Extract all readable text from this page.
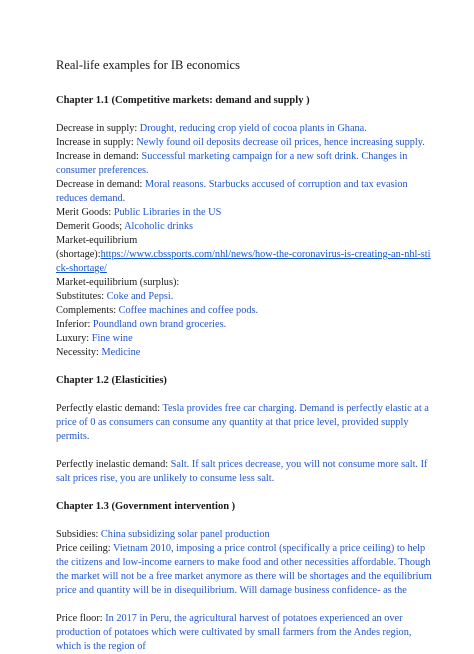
Real-life examples for IB economics
Chapter 1.1 (Competitive markets: demand and supply )

Decrease in supply: Drought, reducing crop yield of cocoa plants in Ghana.

Increase in supply: Newly found oil deposits decrease oil prices, hence increasing supply.

Increase in demand: Successful marketing campaign for a new soft drink. Changes in consumer preferences.

Decrease in demand: Moral reasons. Starbucks accused of corruption and tax evasion reduces demand.

Merit Goods: Public Libraries in the US

Demerit Goods; Alcoholic drinks

Market-equilibrium

(shortage):https://www.cbssports.com/nhl/news/how-the-coronavirus-is-creating-an-nhl-stick-shortage/

Market-equilibrium (surplus):

Substitutes: Coke and Pepsi.

Complements: Coffee machines and coffee pods.

Inferior: Poundland own brand groceries.

Luxury: Fine wine

Necessity: Medicine

Chapter 1.2 (Elasticities)

Perfectly elastic demand: Tesla provides free car charging. Demand is perfectly elastic at a price of 0 as consumers can consume any quantity at that price level, provided supply permits.

Perfectly inelastic demand: Salt. If salt prices decrease, you will not consume more salt. If salt prices rise, you are unlikely to consume less salt.

Chapter 1.3 (Government intervention )

Subsidies: China subsidizing solar panel production

Price ceiling: Vietnam 2010, imposing a price control (specifically a price ceiling) to help the citizens and low-income earners to make food and other necessities affordable. Though the market will not be a free market anymore as there will be shortages and the equilibrium price and quantity will be in disequilibrium. Will damage business confidence- as the

Price floor: In 2017 in Peru, the agricultural harvest of potatoes experienced an over production of potatoes which were cultivated by small farmers from the Andes region, which is the region of
